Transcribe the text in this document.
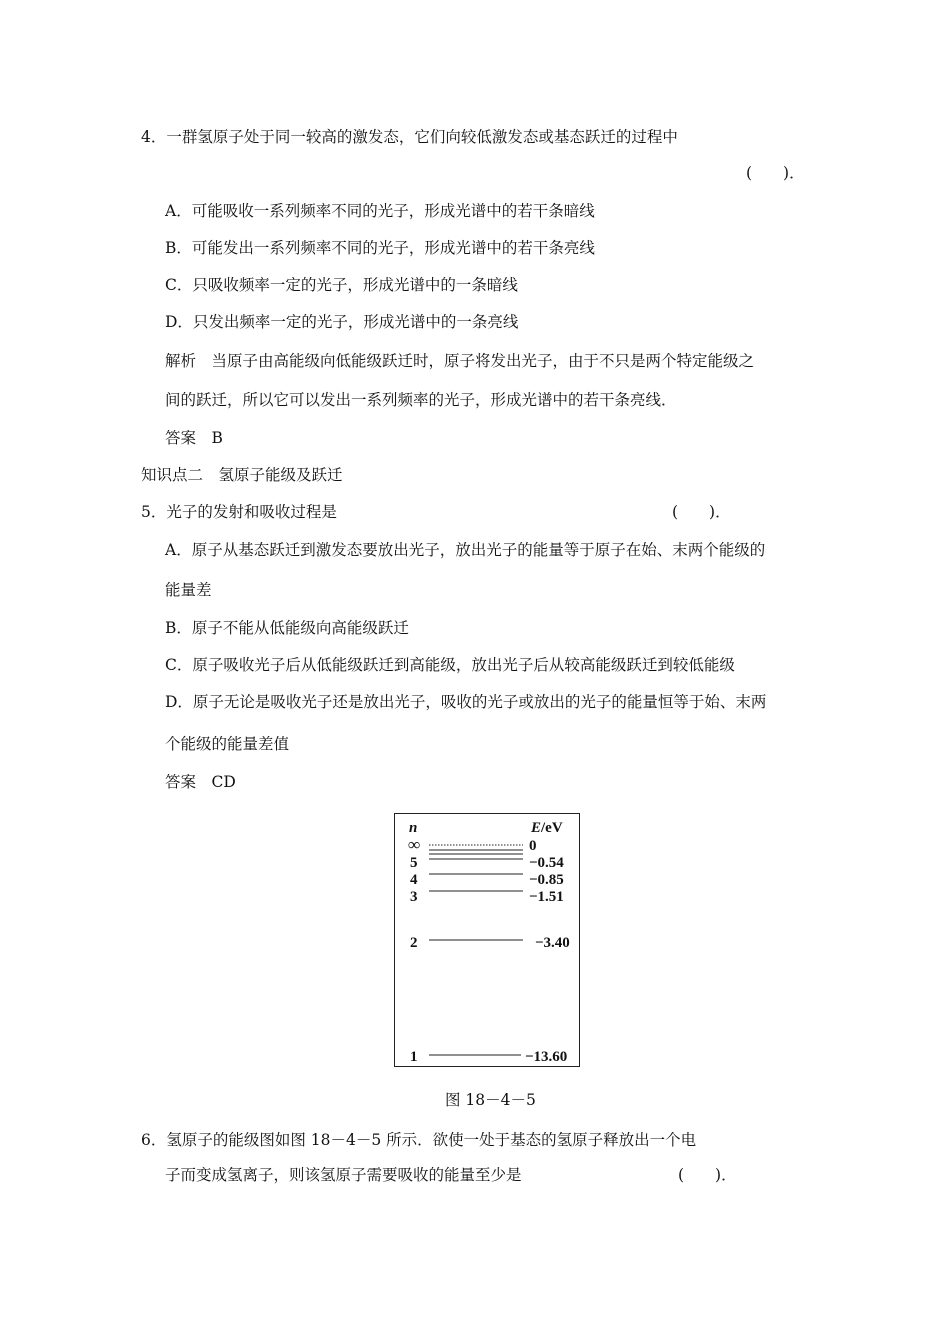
4．一群氢原子处于同一较高的激发态，它们向较低激发态或基态跃迁的过程中
(　　)．
A．可能吸收一系列频率不同的光子，形成光谱中的若干条暗线
B．可能发出一系列频率不同的光子，形成光谱中的若干条亮线
C．只吸收频率一定的光子，形成光谱中的一条暗线
D．只发出频率一定的光子，形成光谱中的一条亮线
解析　当原子由高能级向低能级跃迁时，原子将发出光子，由于不只是两个特定能级之
间的跃迁，所以它可以发出一系列频率的光子，形成光谱中的若干条亮线．
答案　B
知识点二　氢原子能级及跃迁
5．光子的发射和吸收过程是	(　　)．
A．原子从基态跃迁到激发态要放出光子，放出光子的能量等于原子在始、末两个能级的
能量差
B．原子不能从低能级向高能级跃迁
C．原子吸收光子后从低能级跃迁到高能级，放出光子后从较高能级跃迁到较低能级
D．原子无论是吸收光子还是放出光子，吸收的光子或放出的光子的能量恒等于始、末两
个能级的能量差值
答案　CD
n	E/eV
∞	0
5	−0.54
4	−0.85
3	−1.51
2	−3.40
1	−13.60
图 18－4－5
6．氢原子的能级图如图 18－4－5 所示．欲使一处于基态的氢原子释放出一个电
子而变成氢离子，则该氢原子需要吸收的能量至少是	(　　)．
